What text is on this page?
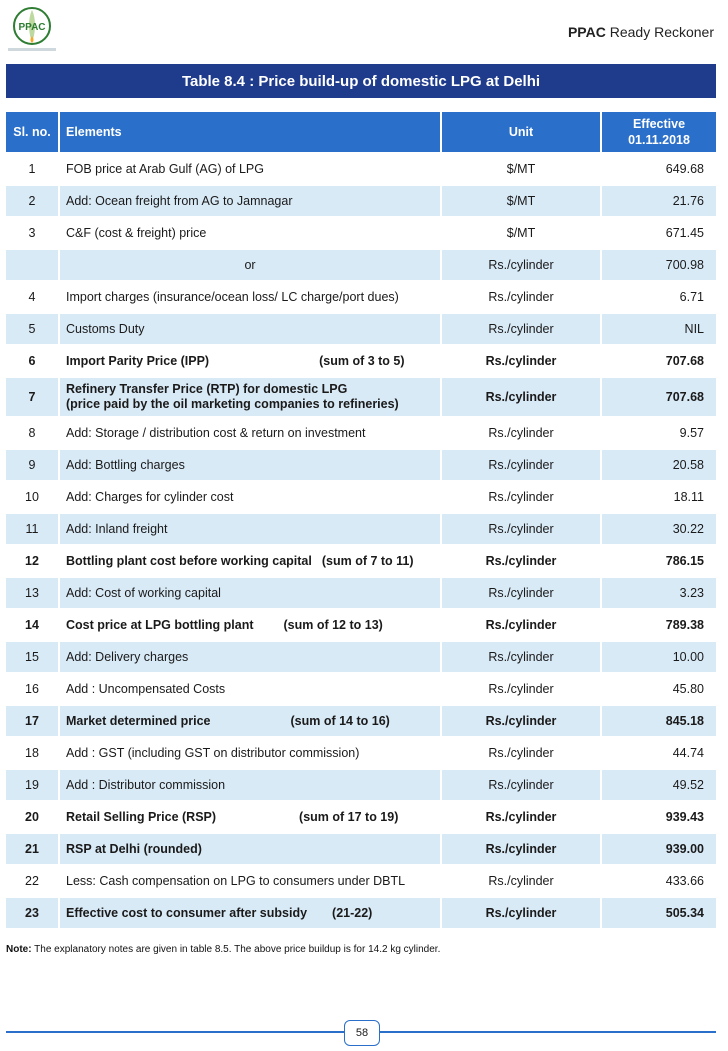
PPAC	PPAC Ready Reckoner
Table 8.4 : Price build-up of domestic LPG at Delhi
Sl. no.	Elements	Unit	Effective
01.11.2018

1	FOB price at Arab Gulf (AG) of LPG	$/MT	649.68
2	Add: Ocean freight from AG to Jamnagar	$/MT	21.76
3	C&F (cost & freight) price	$/MT	671.45
	or	Rs./cylinder	700.98
4	Import charges (insurance/ocean loss/ LC charge/port dues)	Rs./cylinder	6.71
5	Customs Duty	Rs./cylinder	NIL
6	Import Parity Price (IPP) (sum of 3 to 5)	Rs./cylinder	707.68
7	Refinery Transfer Price (RTP) for domestic LPG
(price paid by the oil marketing companies to refineries)	Rs./cylinder	707.68
8	Add: Storage / distribution cost & return on investment	Rs./cylinder	9.57
9	Add: Bottling charges	Rs./cylinder	20.58
10	Add: Charges for cylinder cost	Rs./cylinder	18.11
11	Add: Inland freight	Rs./cylinder	30.22
12	Bottling plant cost before working capital (sum of 7 to 11)	Rs./cylinder	786.15
13	Add: Cost of working capital	Rs./cylinder	3.23
14	Cost price at LPG bottling plant (sum of 12 to 13)	Rs./cylinder	789.38
15	Add: Delivery charges	Rs./cylinder	10.00
16	Add : Uncompensated Costs	Rs./cylinder	45.80
17	Market determined price (sum of 14 to 16)	Rs./cylinder	845.18
18	Add : GST (including GST on distributor commission)	Rs./cylinder	44.74
19	Add : Distributor commission	Rs./cylinder	49.52
20	Retail Selling Price (RSP) (sum of 17 to 19)	Rs./cylinder	939.43
21	RSP at Delhi (rounded)	Rs./cylinder	939.00
22	Less: Cash compensation on LPG to consumers under DBTL	Rs./cylinder	433.66
23	Effective cost to consumer after subsidy (21-22)	Rs./cylinder	505.34
Note: The explanatory notes are given in table 8.5. The above price buildup is for 14.2 kg cylinder.
58
